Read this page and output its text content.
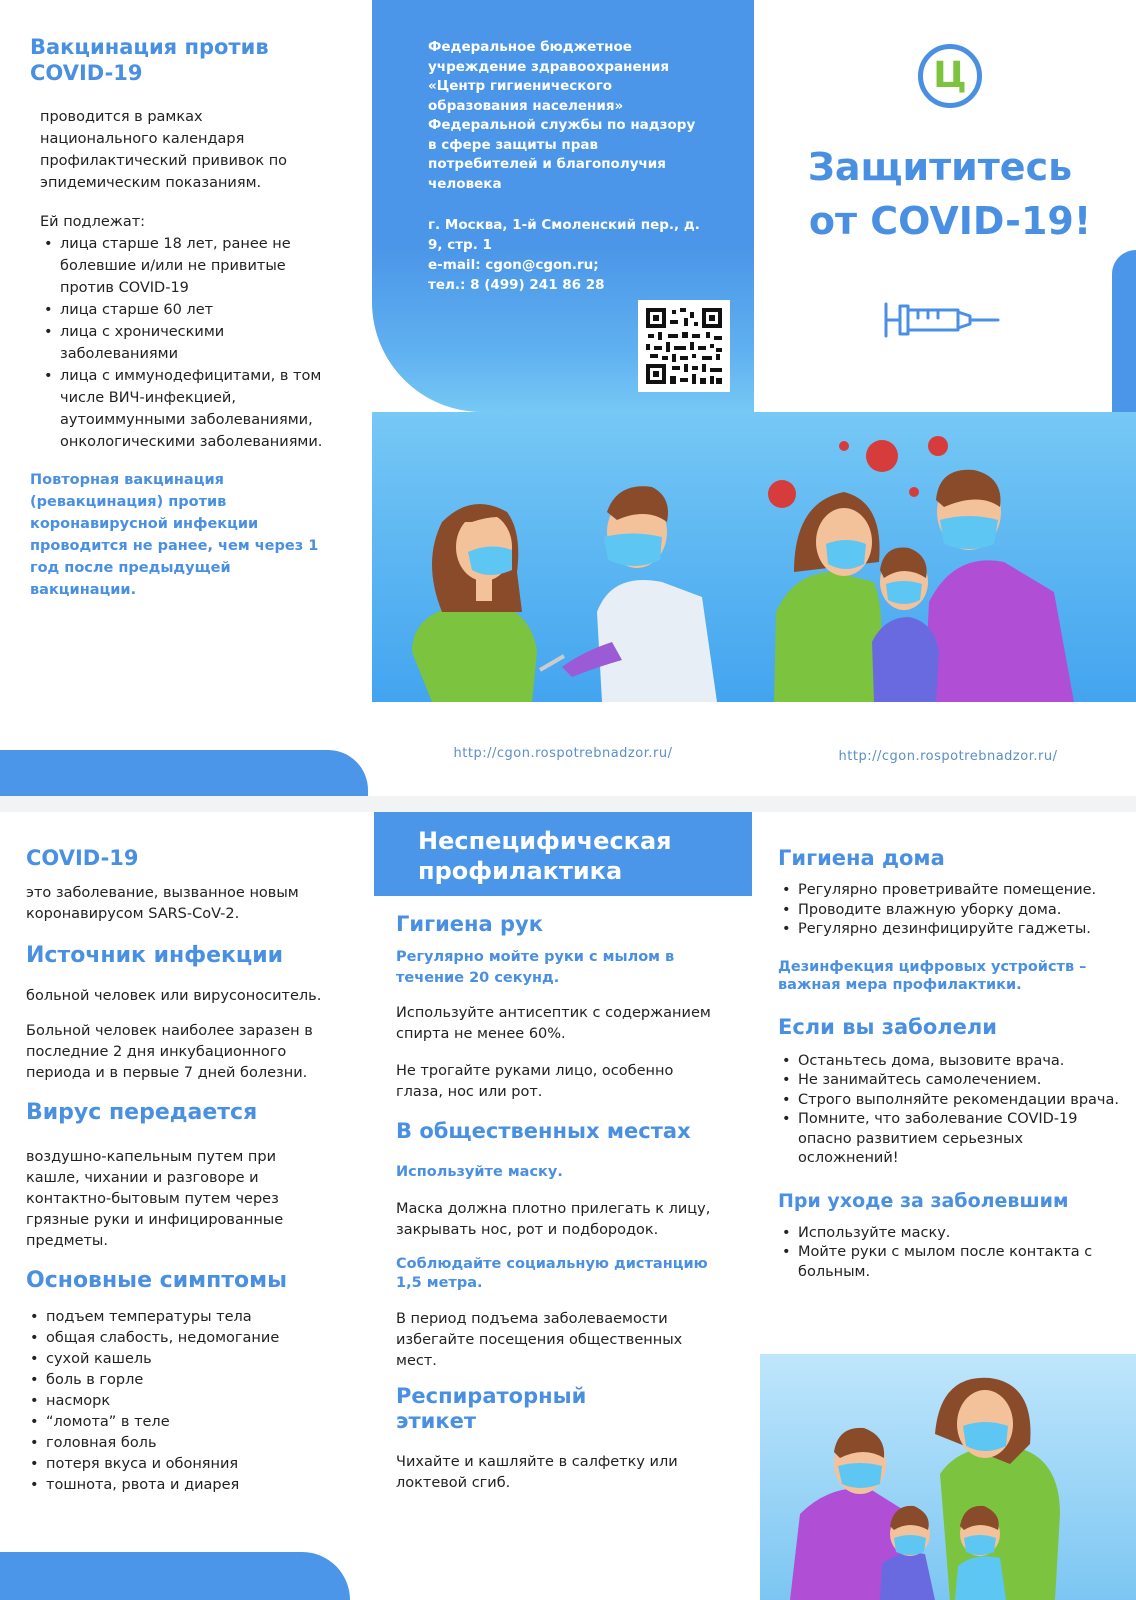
Вакцинация против COVID-19

проводится в рамках национального календаря профилактический прививок по эпидемическим показаниям.

Ей подлежат:

• лица старше 18 лет, ранее не болевшие и/или не привитые против COVID-19
• лица старше 60 лет
• лица с хроническими заболеваниями
• лица с иммунодефицитами, в том числе ВИЧ-инфекцией, аутоиммунными заболеваниями, онкологическими заболеваниями.

Повторная вакцинация (ревакцинация) против коронавирусной инфекции проводится не ранее, чем через 1 год после предыдущей вакцинации.

Федеральное бюджетное учреждение здравоохранения «Центр гигиенического образования населения» Федеральной службы по надзору в сфере защиты прав потребителей и благополучия человека

г. Москва, 1-й Смоленский пер., д. 9, стр. 1

e-mail: cgon@cgon.ru;

тел.: 8 (499) 241 86 28

Ц
Защититесь
от COVID-19!

http://cgon.rospotrebnadzor.ru/	http://cgon.rospotrebnadzor.ru/

COVID-19

это заболевание, вызванное новым коронавирусом SARS-CoV-2.

Источник инфекции

больной человек или вирусоноситель.

Больной человек наиболее заразен в последние 2 дня инкубационного периода и в первые 7 дней болезни.

Вирус передается

воздушно-капельным путем при кашле, чихании и разговоре и контактно-бытовым путем через грязные руки и инфицированные предметы.

Основные симптомы
• подъем температуры тела
• общая слабость, недомогание
• сухой кашель
• боль в горле
• насморк
• “ломота” в теле
• головная боль
• потеря вкуса и обоняния
• тошнота, рвота и диарея
Неспецифическая профилактика
Гигиена рук

Регулярно мойте руки с мылом в течение 20 секунд.

Используйте антисептик с содержанием спирта не менее 60%.

Не трогайте руками лицо, особенно глаза, нос или рот.

В общественных местах

Используйте маску.

Маска должна плотно прилегать к лицу, закрывать нос, рот и подбородок.

Соблюдайте социальную дистанцию 1,5 метра.

В период подъема заболеваемости избегайте посещения общественных мест.

Респираторный этикет

Чихайте и кашляйте в салфетку или локтевой сгиб.

Гигиена дома
• Регулярно проветривайте помещение.
• Проводите влажную уборку дома.
• Регулярно дезинфицируйте гаджеты.

Дезинфекция цифровых устройств – важная мера профилактики.

Если вы заболели
• Останьтесь дома, вызовите врача.
• Не занимайтесь самолечением.
• Строго выполняйте рекомендации врача.
• Помните, что заболевание COVID-19 опасно развитием серьезных осложнений!
При уходе за заболевшим
• Используйте маску.
• Мойте руки с мылом после контакта с больным.
